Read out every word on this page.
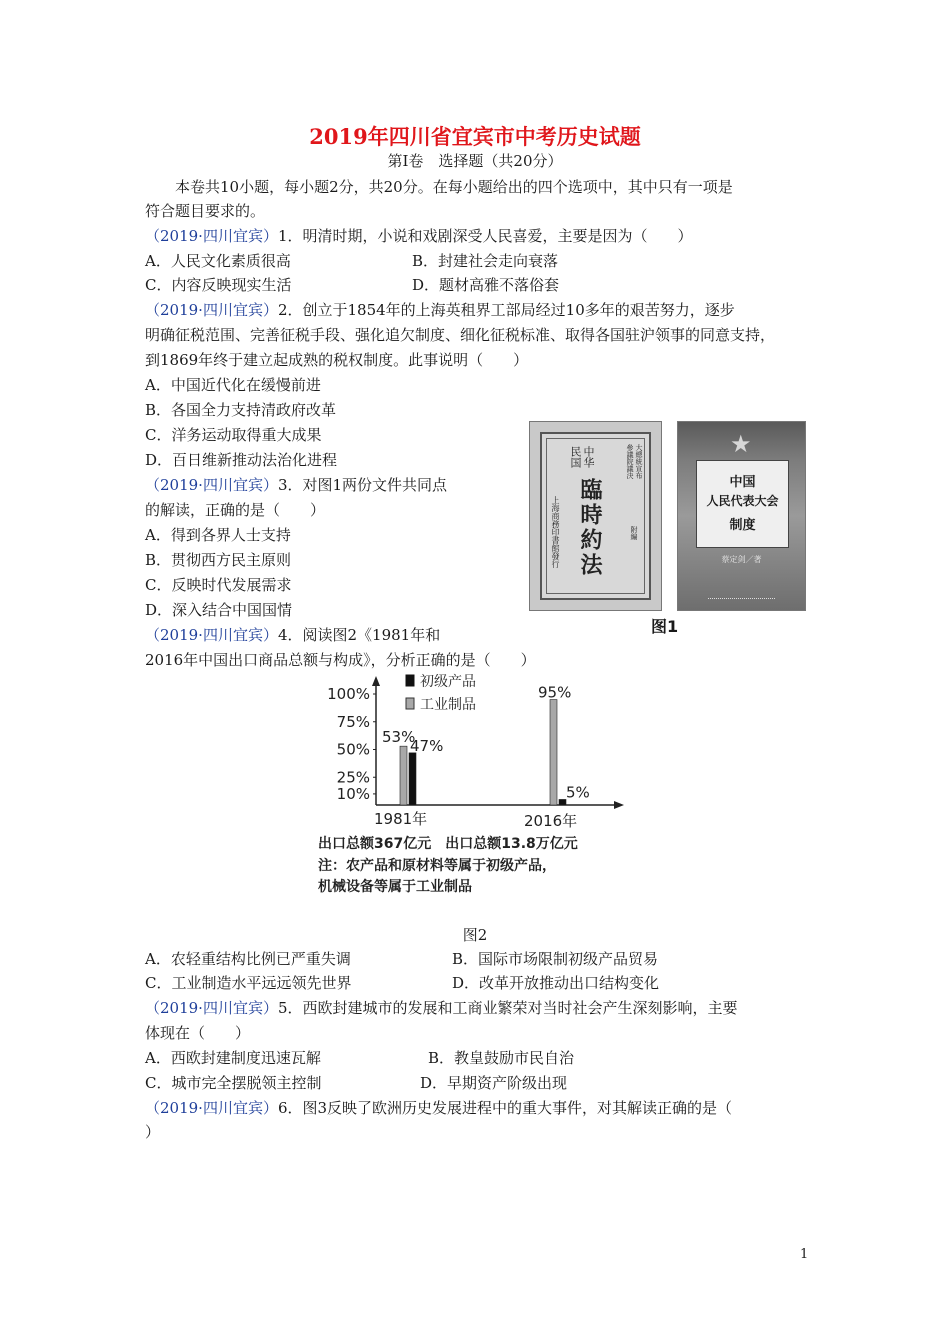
2019年四川省宜宾市中考历史试题
第Ⅰ卷　选择题（共20分）
本卷共10小题，每小题2分，共20分。在每小题给出的四个选项中，其中只有一项是
符合题目要求的。
（2019·四川宜宾）1．明清时期，小说和戏剧深受人民喜爱，主要是因为（　　）
A．人民文化素质很高	B．封建社会走向衰落
C．内容反映现实生活	D．题材高雅不落俗套
（2019·四川宜宾）2．创立于1854年的上海英租界工部局经过10多年的艰苦努力，逐步
明确征税范围、完善征税手段、强化追欠制度、细化征税标准、取得各国驻沪领事的同意支持，
到1869年终于建立起成熟的税权制度。此事说明（　　）
A．中国近代化在缓慢前进
B．各国全力支持清政府改革
C．洋务运动取得重大成果
D．百日维新推动法治化进程
（2019·四川宜宾）3．对图1两份文件共同点
的解读，正确的是（　　）
A．得到各界人士支持
B．贯彻西方民主原则
C．反映时代发展需求
D．深入结合中国国情
中华
民国
臨時約法
大總統宣布
參議院議決
附編
上海商務印書館發行
★
中国
人民代表大会
制度
蔡定剑／著
图1
（2019·四川宜宾）4．阅读图2《1981年和
2016年中国出口商品总额与构成》，分析正确的是（　　）
100%
75%
50%
25%
10%
53%
47%
95%
5%
初级产品
工业制品
1981年	2016年
出口总额367亿元　出口总额13.8万亿元
注：农产品和原材料等属于初级产品，
机械设备等属于工业制品
图2
A．农轻重结构比例已严重失调	B．国际市场限制初级产品贸易
C．工业制造水平远远领先世界	D．改革开放推动出口结构变化
（2019·四川宜宾）5．西欧封建城市的发展和工商业繁荣对当时社会产生深刻影响，主要
体现在（　　）
A．西欧封建制度迅速瓦解	B．教皇鼓励市民自治
C．城市完全摆脱领主控制	D．早期资产阶级出现
（2019·四川宜宾）6．图3反映了欧洲历史发展进程中的重大事件，对其解读正确的是（
）
1
